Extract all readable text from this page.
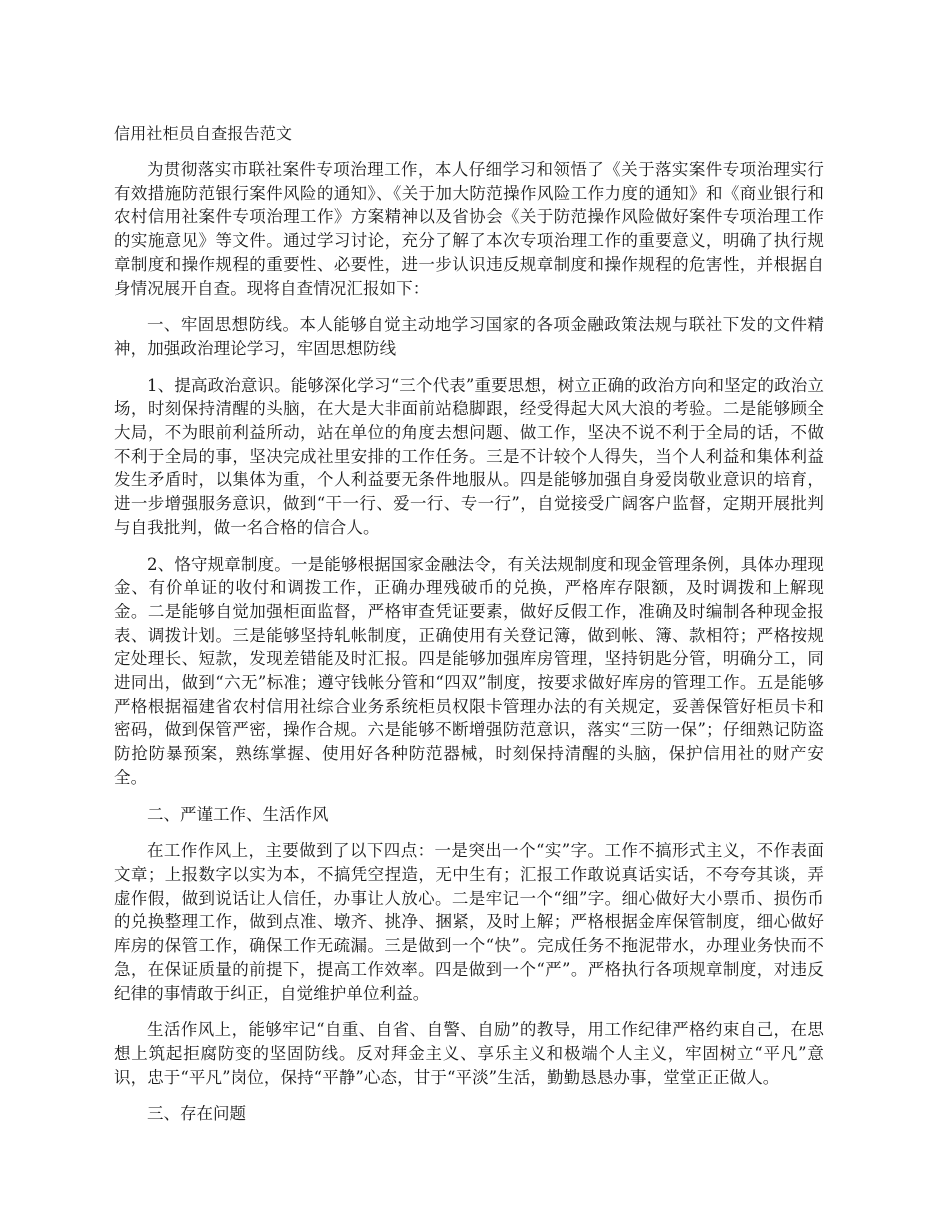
信用社柜员自查报告范文

为贯彻落实市联社案件专项治理工作，本人仔细学习和领悟了《关于落实案件专项治理实行有效措施防范银行案件风险的通知》、《关于加大防范操作风险工作力度的通知》和《商业银行和农村信用社案件专项治理工作》方案精神以及省协会《关于防范操作风险做好案件专项治理工作的实施意见》等文件。通过学习讨论，充分了解了本次专项治理工作的重要意义，明确了执行规章制度和操作规程的重要性、必要性，进一步认识违反规章制度和操作规程的危害性，并根据自身情况展开自查。现将自查情况汇报如下：

一、牢固思想防线。本人能够自觉主动地学习国家的各项金融政策法规与联社下发的文件精神，加强政治理论学习，牢固思想防线

1、提高政治意识。能够深化学习“三个代表”重要思想，树立正确的政治方向和坚定的政治立场，时刻保持清醒的头脑，在大是大非面前站稳脚跟，经受得起大风大浪的考验。二是能够顾全大局，不为眼前利益所动，站在单位的角度去想问题、做工作，坚决不说不利于全局的话，不做不利于全局的事，坚决完成社里安排的工作任务。三是不计较个人得失，当个人利益和集体利益发生矛盾时，以集体为重，个人利益要无条件地服从。四是能够加强自身爱岗敬业意识的培育，进一步增强服务意识，做到“干一行、爱一行、专一行”，自觉接受广阔客户监督，定期开展批判与自我批判，做一名合格的信合人。

2、恪守规章制度。一是能够根据国家金融法令，有关法规制度和现金管理条例，具体办理现金、有价单证的收付和调拨工作，正确办理残破币的兑换，严格库存限额，及时调拨和上解现金。二是能够自觉加强柜面监督，严格审查凭证要素，做好反假工作，准确及时编制各种现金报表、调拨计划。三是能够坚持轧帐制度，正确使用有关登记簿，做到帐、簿、款相符；严格按规定处理长、短款，发现差错能及时汇报。四是能够加强库房管理，坚持钥匙分管，明确分工，同进同出，做到“六无”标准；遵守钱帐分管和“四双”制度，按要求做好库房的管理工作。五是能够严格根据福建省农村信用社综合业务系统柜员权限卡管理办法的有关规定，妥善保管好柜员卡和密码，做到保管严密，操作合规。六是能够不断增强防范意识，落实“三防一保”；仔细熟记防盗防抢防暴预案，熟练掌握、使用好各种防范器械，时刻保持清醒的头脑，保护信用社的财产安全。

二、严谨工作、生活作风

在工作作风上，主要做到了以下四点：一是突出一个“实”字。工作不搞形式主义，不作表面文章；上报数字以实为本，不搞凭空捏造，无中生有；汇报工作敢说真话实话，不夸夸其谈，弄虚作假，做到说话让人信任，办事让人放心。二是牢记一个“细”字。细心做好大小票币、损伤币的兑换整理工作，做到点准、墩齐、挑净、捆紧，及时上解；严格根据金库保管制度，细心做好库房的保管工作，确保工作无疏漏。三是做到一个“快”。完成任务不拖泥带水，办理业务快而不急，在保证质量的前提下，提高工作效率。四是做到一个“严”。严格执行各项规章制度，对违反纪律的事情敢于纠正，自觉维护单位利益。

生活作风上，能够牢记“自重、自省、自警、自励”的教导，用工作纪律严格约束自己，在思想上筑起拒腐防变的坚固防线。反对拜金主义、享乐主义和极端个人主义，牢固树立“平凡”意识，忠于“平凡”岗位，保持“平静”心态，甘于“平淡”生活，勤勤恳恳办事，堂堂正正做人。

三、存在问题
